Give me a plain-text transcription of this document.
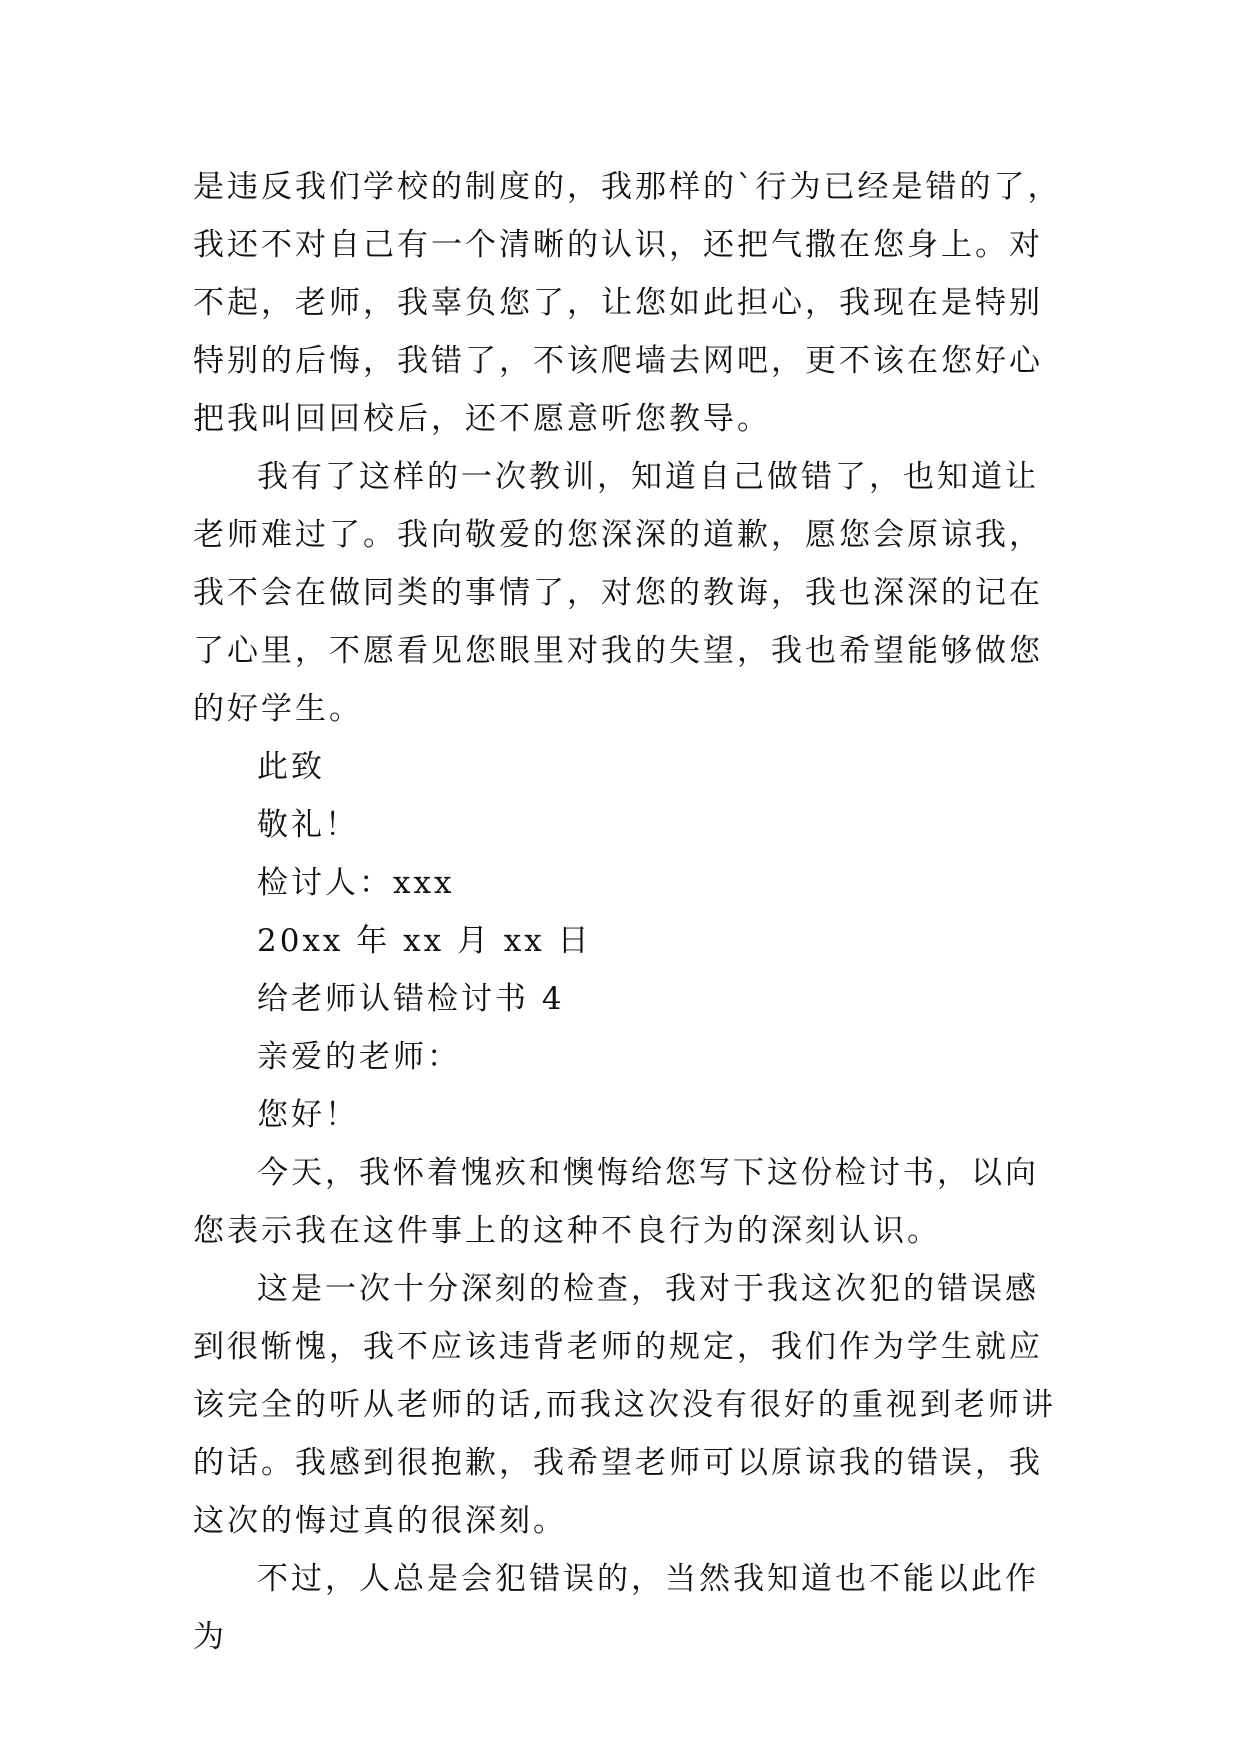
是违反我们学校的制度的，我那样的`行为已经是错的了，我还不对自己有一个清晰的认识，还把气撒在您身上。对不起，老师，我辜负您了，让您如此担心，我现在是特别特别的后悔，我错了，不该爬墙去网吧，更不该在您好心把我叫回回校后，还不愿意听您教导。

我有了这样的一次教训，知道自己做错了，也知道让老师难过了。我向敬爱的您深深的道歉，愿您会原谅我，我不会在做同类的事情了，对您的教诲，我也深深的记在了心里，不愿看见您眼里对我的失望，我也希望能够做您的好学生。

此致

敬礼！

检讨人：xxx

20xx 年 xx 月 xx 日

给老师认错检讨书 4

亲爱的老师：

您好！

今天，我怀着愧疚和懊悔给您写下这份检讨书，以向您表示我在这件事上的这种不良行为的深刻认识。

这是一次十分深刻的检查，我对于我这次犯的错误感到很惭愧，我不应该违背老师的规定，我们作为学生就应该完全的听从老师的话,而我这次没有很好的重视到老师讲的话。我感到很抱歉，我希望老师可以原谅我的错误，我这次的悔过真的很深刻。

不过，人总是会犯错误的，当然我知道也不能以此作为
